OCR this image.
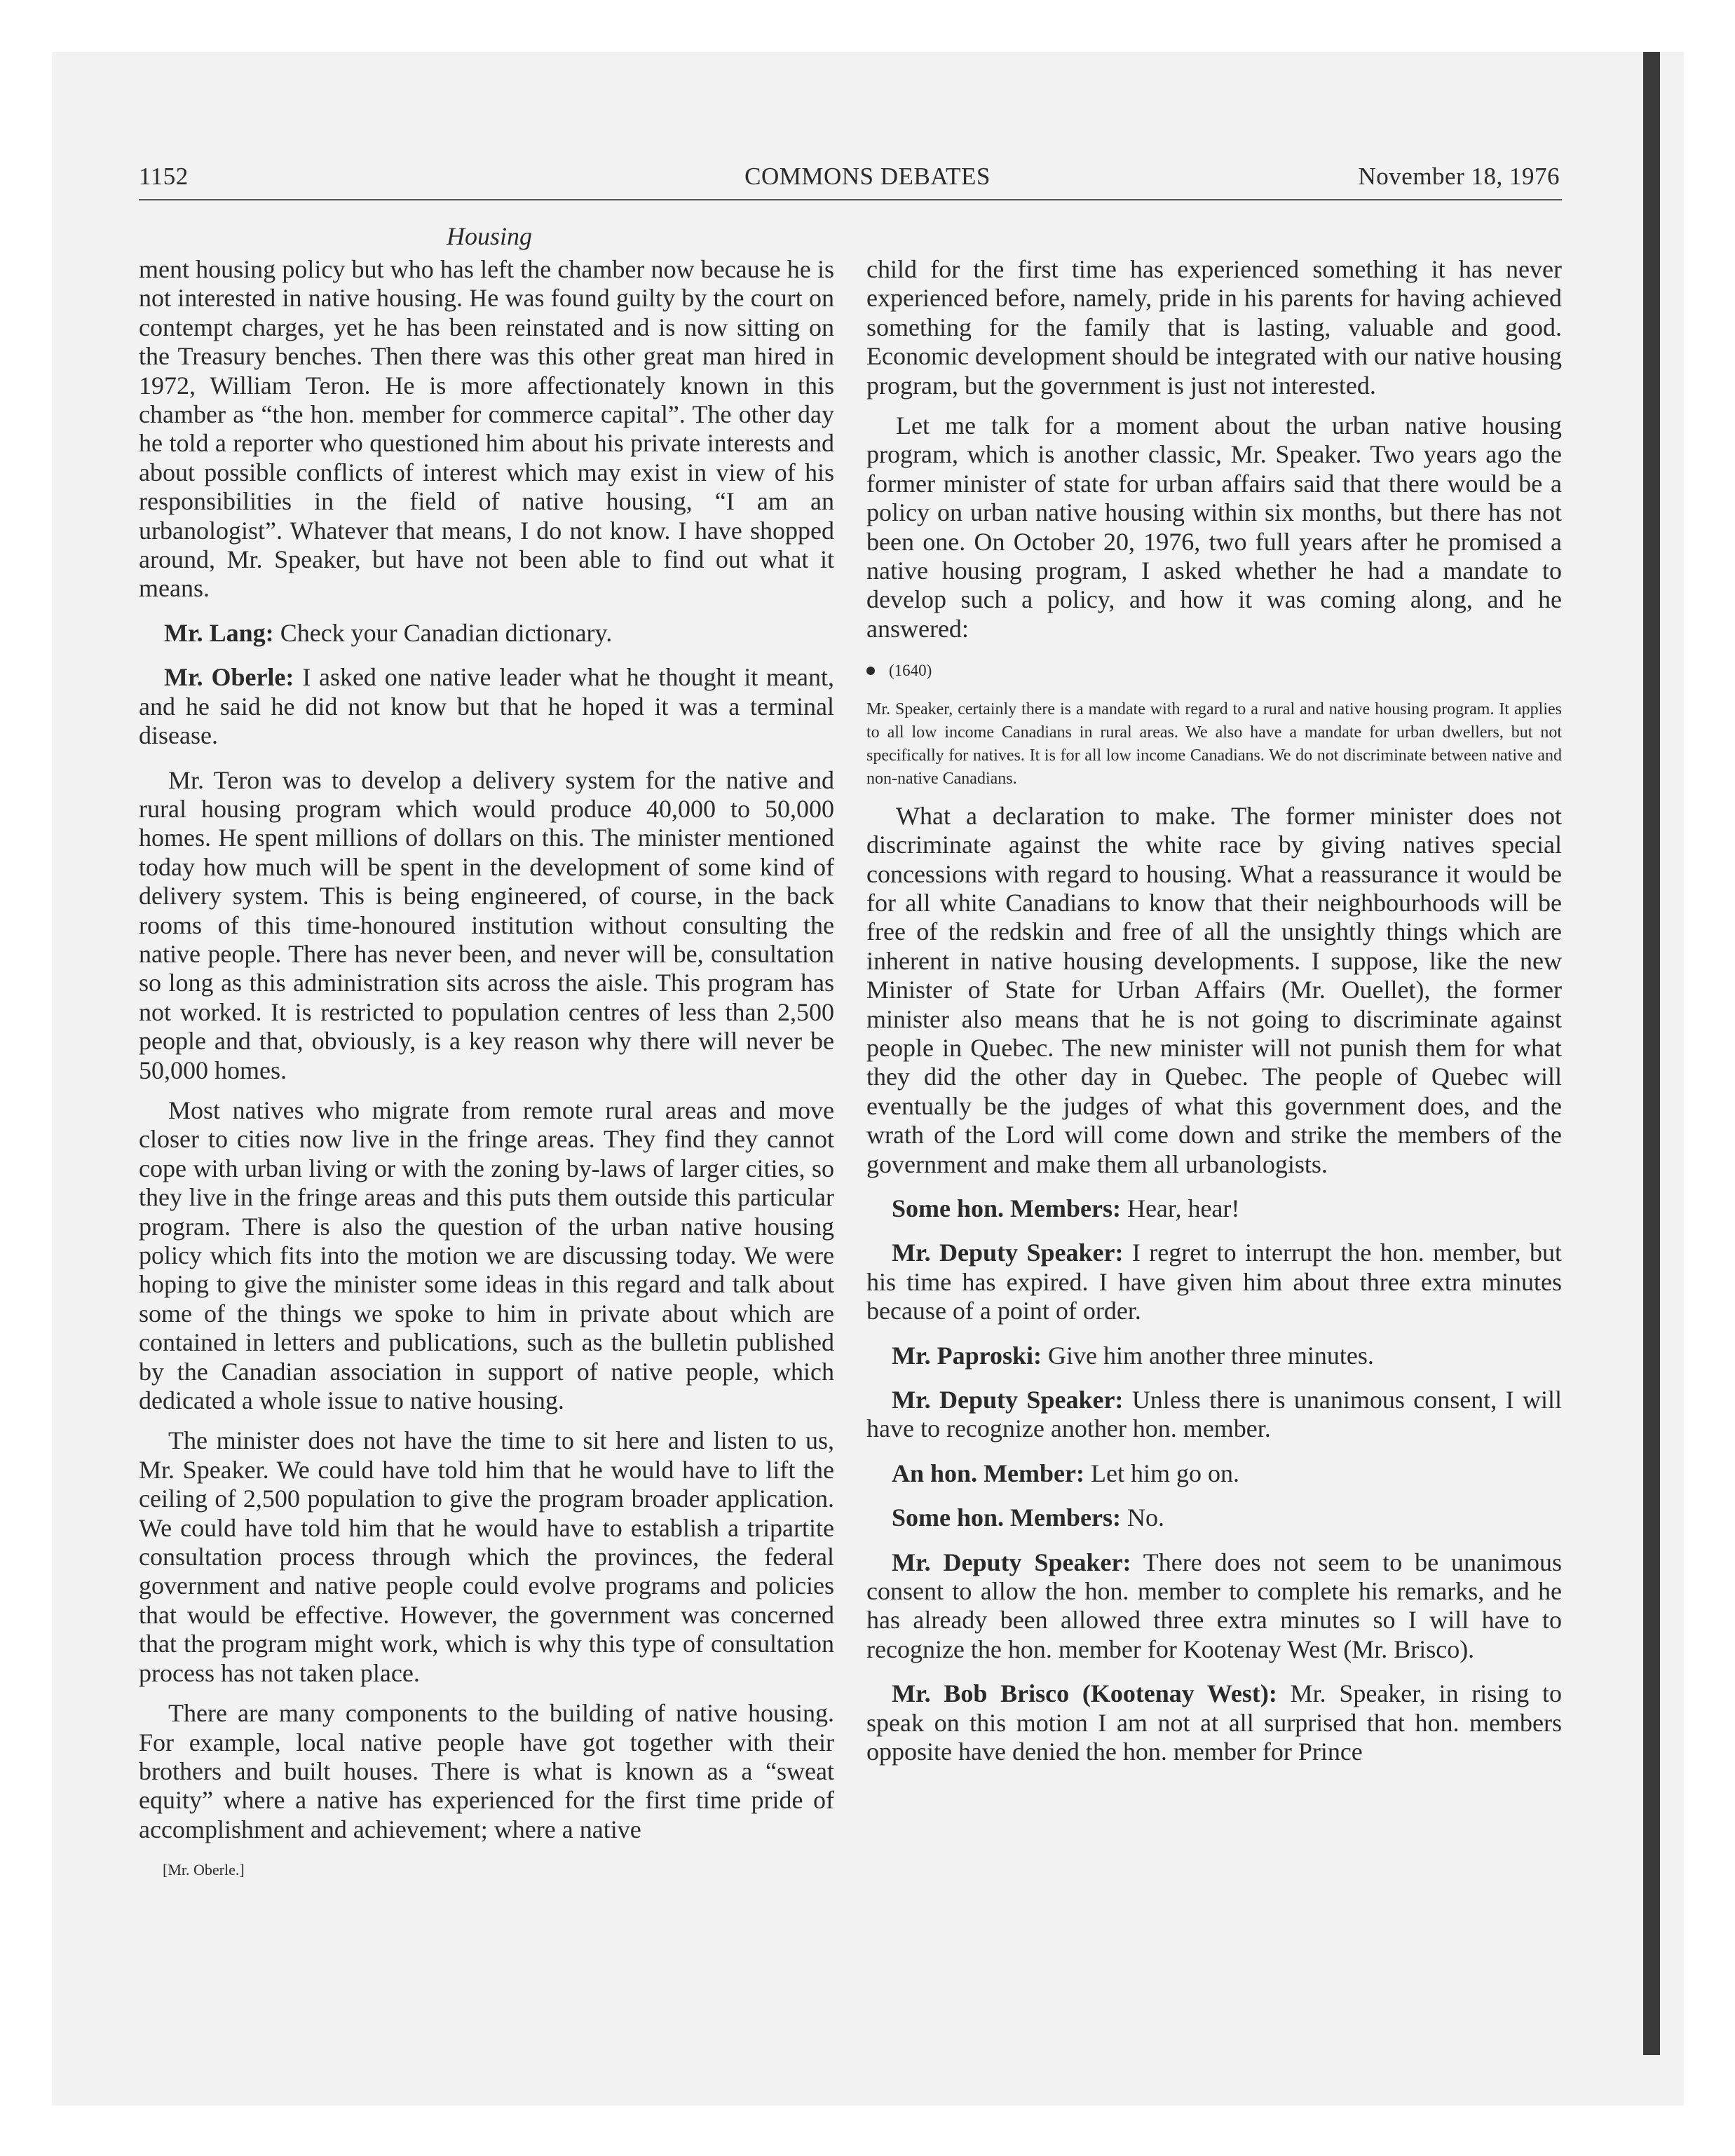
1152	COMMONS DEBATES	November 18, 1976
Housing

ment housing policy but who has left the chamber now because he is not interested in native housing. He was found guilty by the court on contempt charges, yet he has been reinstated and is now sitting on the Treasury benches. Then there was this other great man hired in 1972, William Teron. He is more affectionately known in this chamber as “the hon. member for commerce capital”. The other day he told a reporter who questioned him about his private interests and about possible conflicts of interest which may exist in view of his responsibilities in the field of native housing, “I am an urbanologist”. Whatever that means, I do not know. I have shopped around, Mr. Speaker, but have not been able to find out what it means.

Mr. Lang: Check your Canadian dictionary.

Mr. Oberle: I asked one native leader what he thought it meant, and he said he did not know but that he hoped it was a terminal disease.

Mr. Teron was to develop a delivery system for the native and rural housing program which would produce 40,000 to 50,000 homes. He spent millions of dollars on this. The minister mentioned today how much will be spent in the development of some kind of delivery system. This is being engineered, of course, in the back rooms of this time-honoured institution without consulting the native people. There has never been, and never will be, consultation so long as this administration sits across the aisle. This program has not worked. It is restricted to population centres of less than 2,500 people and that, obviously, is a key reason why there will never be 50,000 homes.

Most natives who migrate from remote rural areas and move closer to cities now live in the fringe areas. They find they cannot cope with urban living or with the zoning by-laws of larger cities, so they live in the fringe areas and this puts them outside this particular program. There is also the question of the urban native housing policy which fits into the motion we are discussing today. We were hoping to give the minister some ideas in this regard and talk about some of the things we spoke to him in private about which are contained in letters and publications, such as the bulletin published by the Canadian association in support of native people, which dedicated a whole issue to native housing.

The minister does not have the time to sit here and listen to us, Mr. Speaker. We could have told him that he would have to lift the ceiling of 2,500 population to give the program broader application. We could have told him that he would have to establish a tripartite consultation process through which the provinces, the federal government and native people could evolve programs and policies that would be effective. However, the government was concerned that the program might work, which is why this type of consultation process has not taken place.

There are many components to the building of native housing. For example, local native people have got together with their brothers and built houses. There is what is known as a “sweat equity” where a native has experienced for the first time pride of accomplishment and achievement; where a native

[Mr. Oberle.]

child for the first time has experienced something it has never experienced before, namely, pride in his parents for having achieved something for the family that is lasting, valuable and good. Economic development should be integrated with our native housing program, but the government is just not interested.

Let me talk for a moment about the urban native housing program, which is another classic, Mr. Speaker. Two years ago the former minister of state for urban affairs said that there would be a policy on urban native housing within six months, but there has not been one. On October 20, 1976, two full years after he promised a native housing program, I asked whether he had a mandate to develop such a policy, and how it was coming along, and he answered:

(1640)

Mr. Speaker, certainly there is a mandate with regard to a rural and native housing program. It applies to all low income Canadians in rural areas. We also have a mandate for urban dwellers, but not specifically for natives. It is for all low income Canadians. We do not discriminate between native and non-native Canadians.

What a declaration to make. The former minister does not discriminate against the white race by giving natives special concessions with regard to housing. What a reassurance it would be for all white Canadians to know that their neighbourhoods will be free of the redskin and free of all the unsightly things which are inherent in native housing developments. I suppose, like the new Minister of State for Urban Affairs (Mr. Ouellet), the former minister also means that he is not going to discriminate against people in Quebec. The new minister will not punish them for what they did the other day in Quebec. The people of Quebec will eventually be the judges of what this government does, and the wrath of the Lord will come down and strike the members of the government and make them all urbanologists.

Some hon. Members: Hear, hear!

Mr. Deputy Speaker: I regret to interrupt the hon. member, but his time has expired. I have given him about three extra minutes because of a point of order.

Mr. Paproski: Give him another three minutes.

Mr. Deputy Speaker: Unless there is unanimous consent, I will have to recognize another hon. member.

An hon. Member: Let him go on.

Some hon. Members: No.

Mr. Deputy Speaker: There does not seem to be unanimous consent to allow the hon. member to complete his remarks, and he has already been allowed three extra minutes so I will have to recognize the hon. member for Kootenay West (Mr. Brisco).

Mr. Bob Brisco (Kootenay West): Mr. Speaker, in rising to speak on this motion I am not at all surprised that hon. members opposite have denied the hon. member for Prince
